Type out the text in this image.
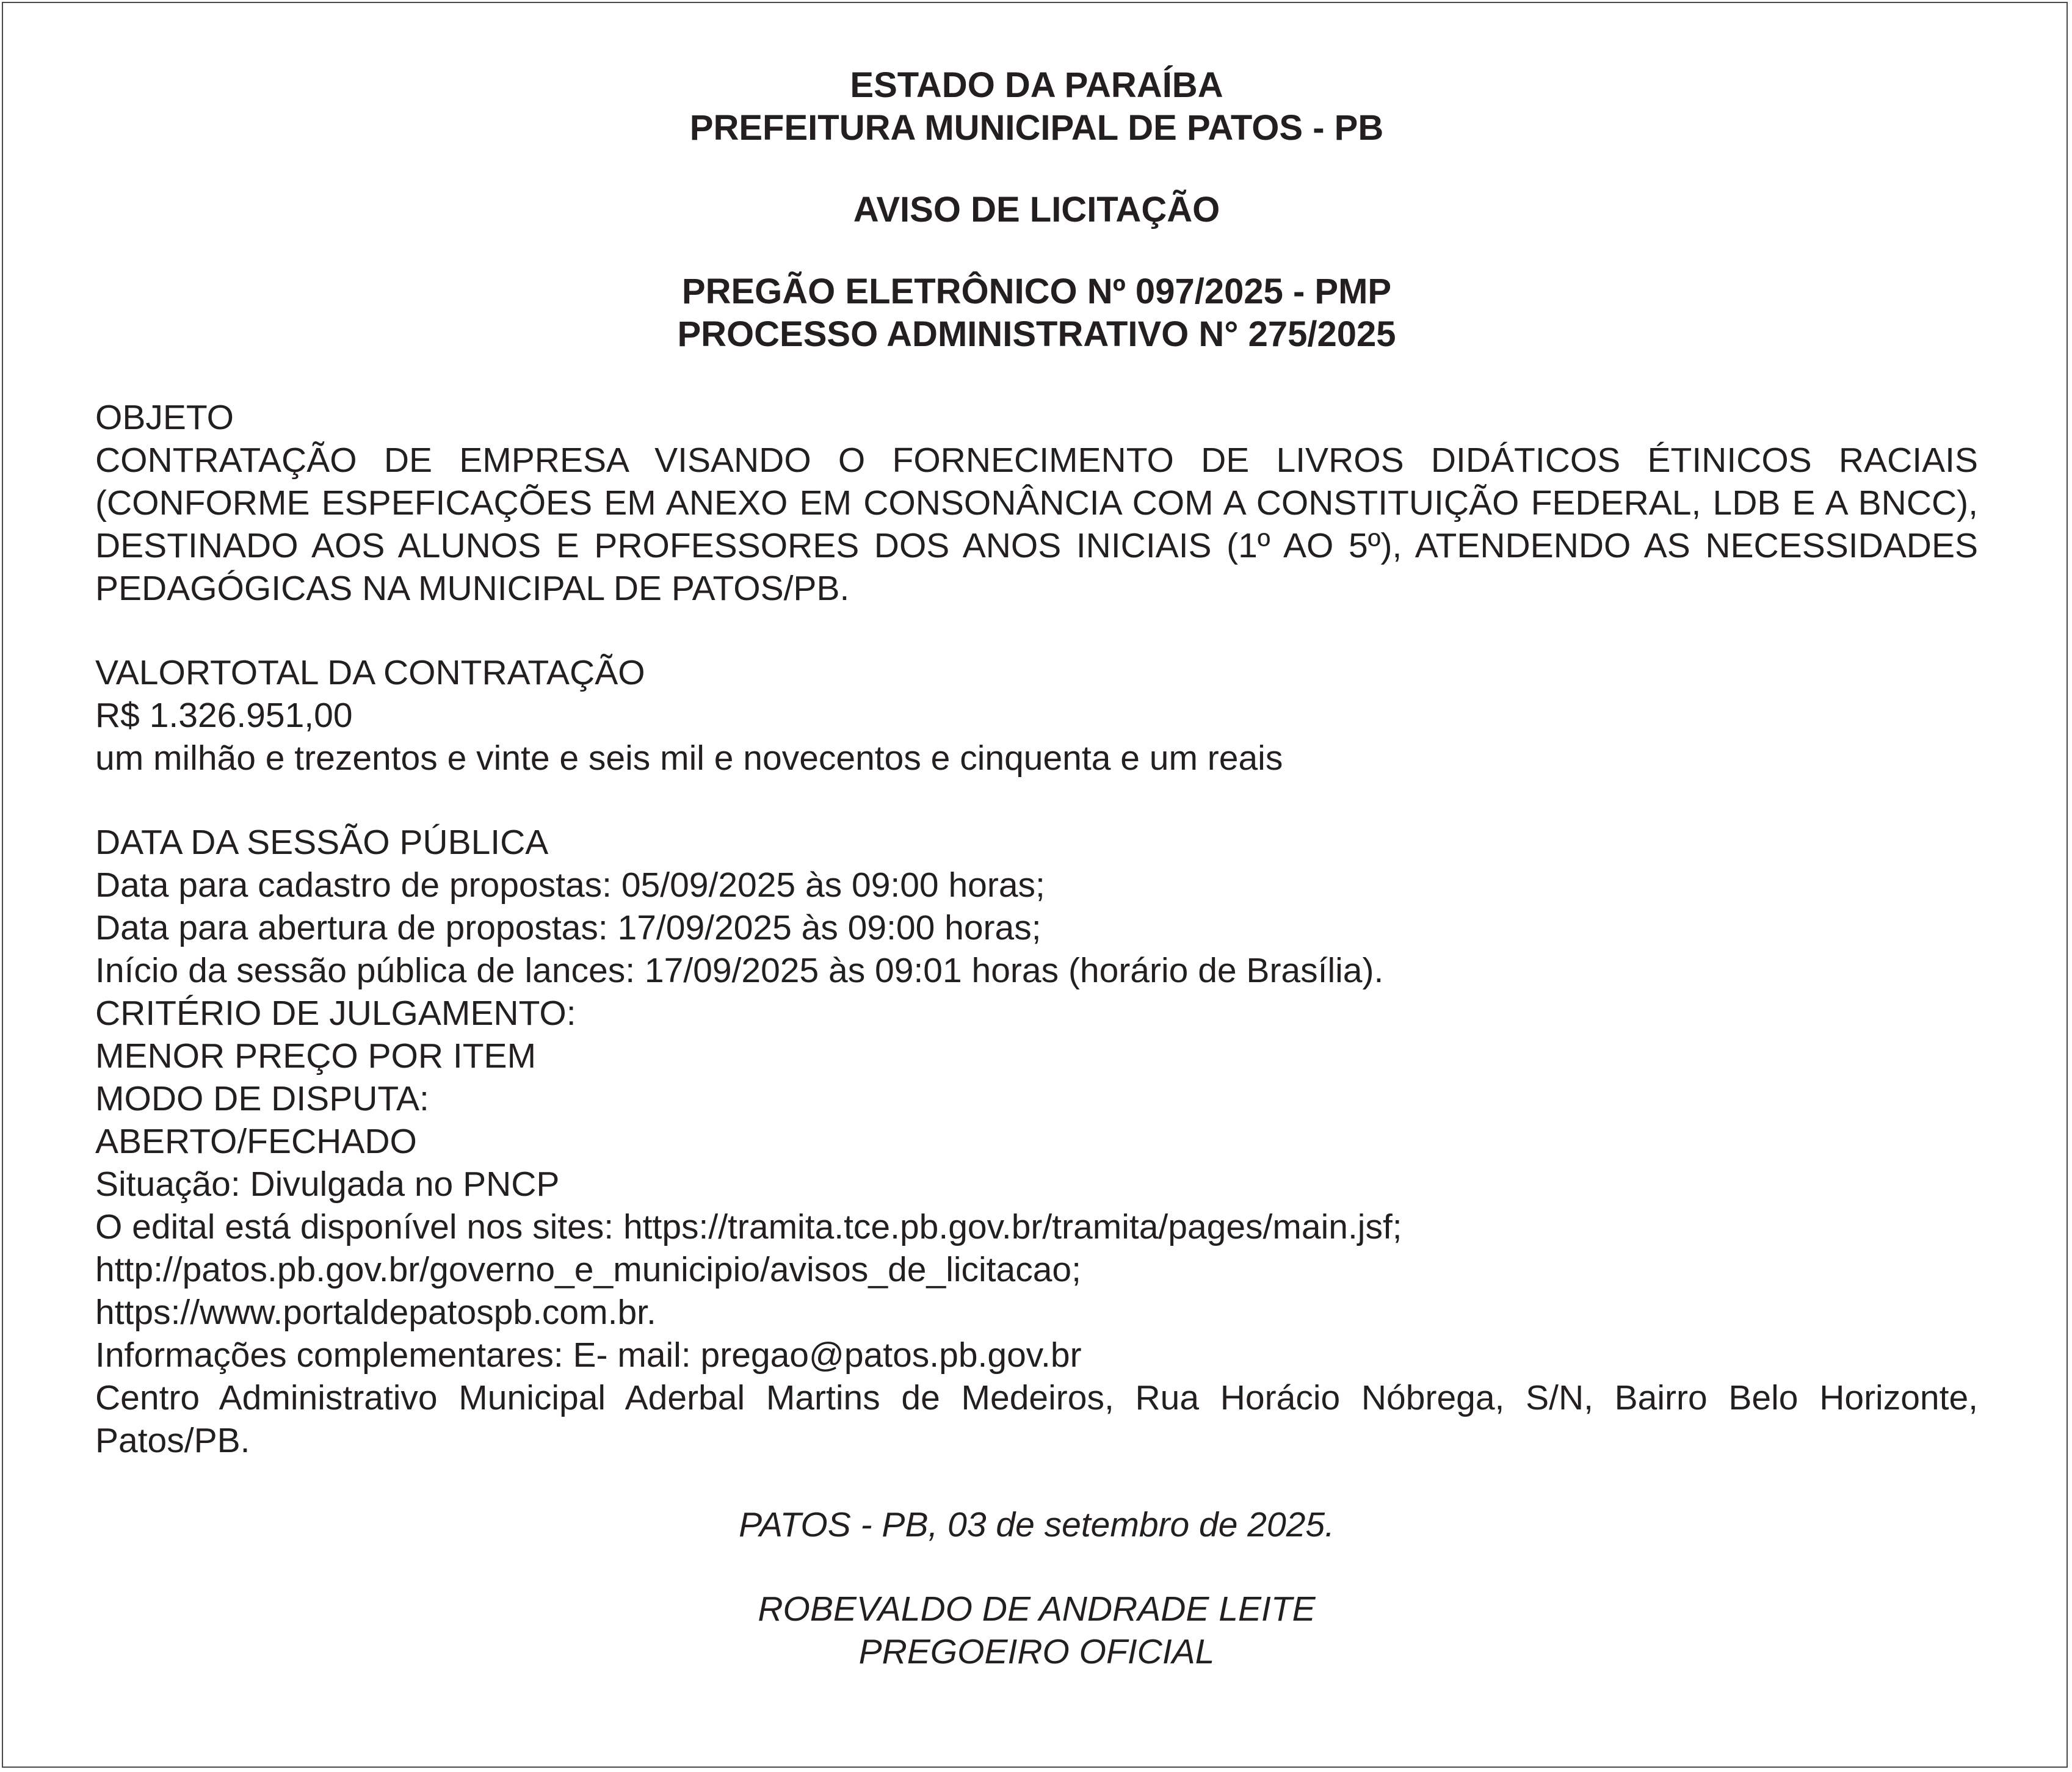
ESTADO DA PARAÍBA

PREFEITURA MUNICIPAL DE PATOS - PB

AVISO DE LICITAÇÃO

PREGÃO ELETRÔNICO Nº 097/2025 - PMP

PROCESSO ADMINISTRATIVO N° 275/2025

OBJETO

CONTRATAÇÃO DE EMPRESA VISANDO O FORNECIMENTO DE LIVROS DIDÁTICOS ÉTINICOS RACIAIS (CONFORME ESPEFICAÇÕES EM ANEXO EM CONSONÂNCIA COM A CONSTITUIÇÃO FEDERAL, LDB E A BNCC), DESTINADO AOS ALUNOS E PROFESSORES DOS ANOS INICIAIS (1º AO 5º), ATENDENDO AS NECESSIDADES PEDAGÓGICAS NA MUNICIPAL DE PATOS/PB.

VALORTOTAL DA CONTRATAÇÃO

R$ 1.326.951,00

um milhão e trezentos e vinte e seis mil e novecentos e cinquenta e um reais

DATA DA SESSÃO PÚBLICA

Data para cadastro de propostas: 05/09/2025 às 09:00 horas;

Data para abertura de propostas: 17/09/2025 às 09:00 horas;

Início da sessão pública de lances: 17/09/2025 às 09:01 horas (horário de Brasília).

CRITÉRIO DE JULGAMENTO:

MENOR PREÇO POR ITEM

MODO DE DISPUTA:

ABERTO/FECHADO

Situação: Divulgada no PNCP

O edital está disponível nos sites: https://tramita.tce.pb.gov.br/tramita/pages/main.jsf;

http://patos.pb.gov.br/governo_e_municipio/avisos_de_licitacao;

https://www.portaldepatospb.com.br.

Informações complementares: E- mail: pregao@patos.pb.gov.br

Centro Administrativo Municipal Aderbal Martins de Medeiros, Rua Horácio Nóbrega, S/N, Bairro Belo Horizonte, Patos/PB.

PATOS - PB, 03 de setembro de 2025.

ROBEVALDO DE ANDRADE LEITE

PREGOEIRO OFICIAL
